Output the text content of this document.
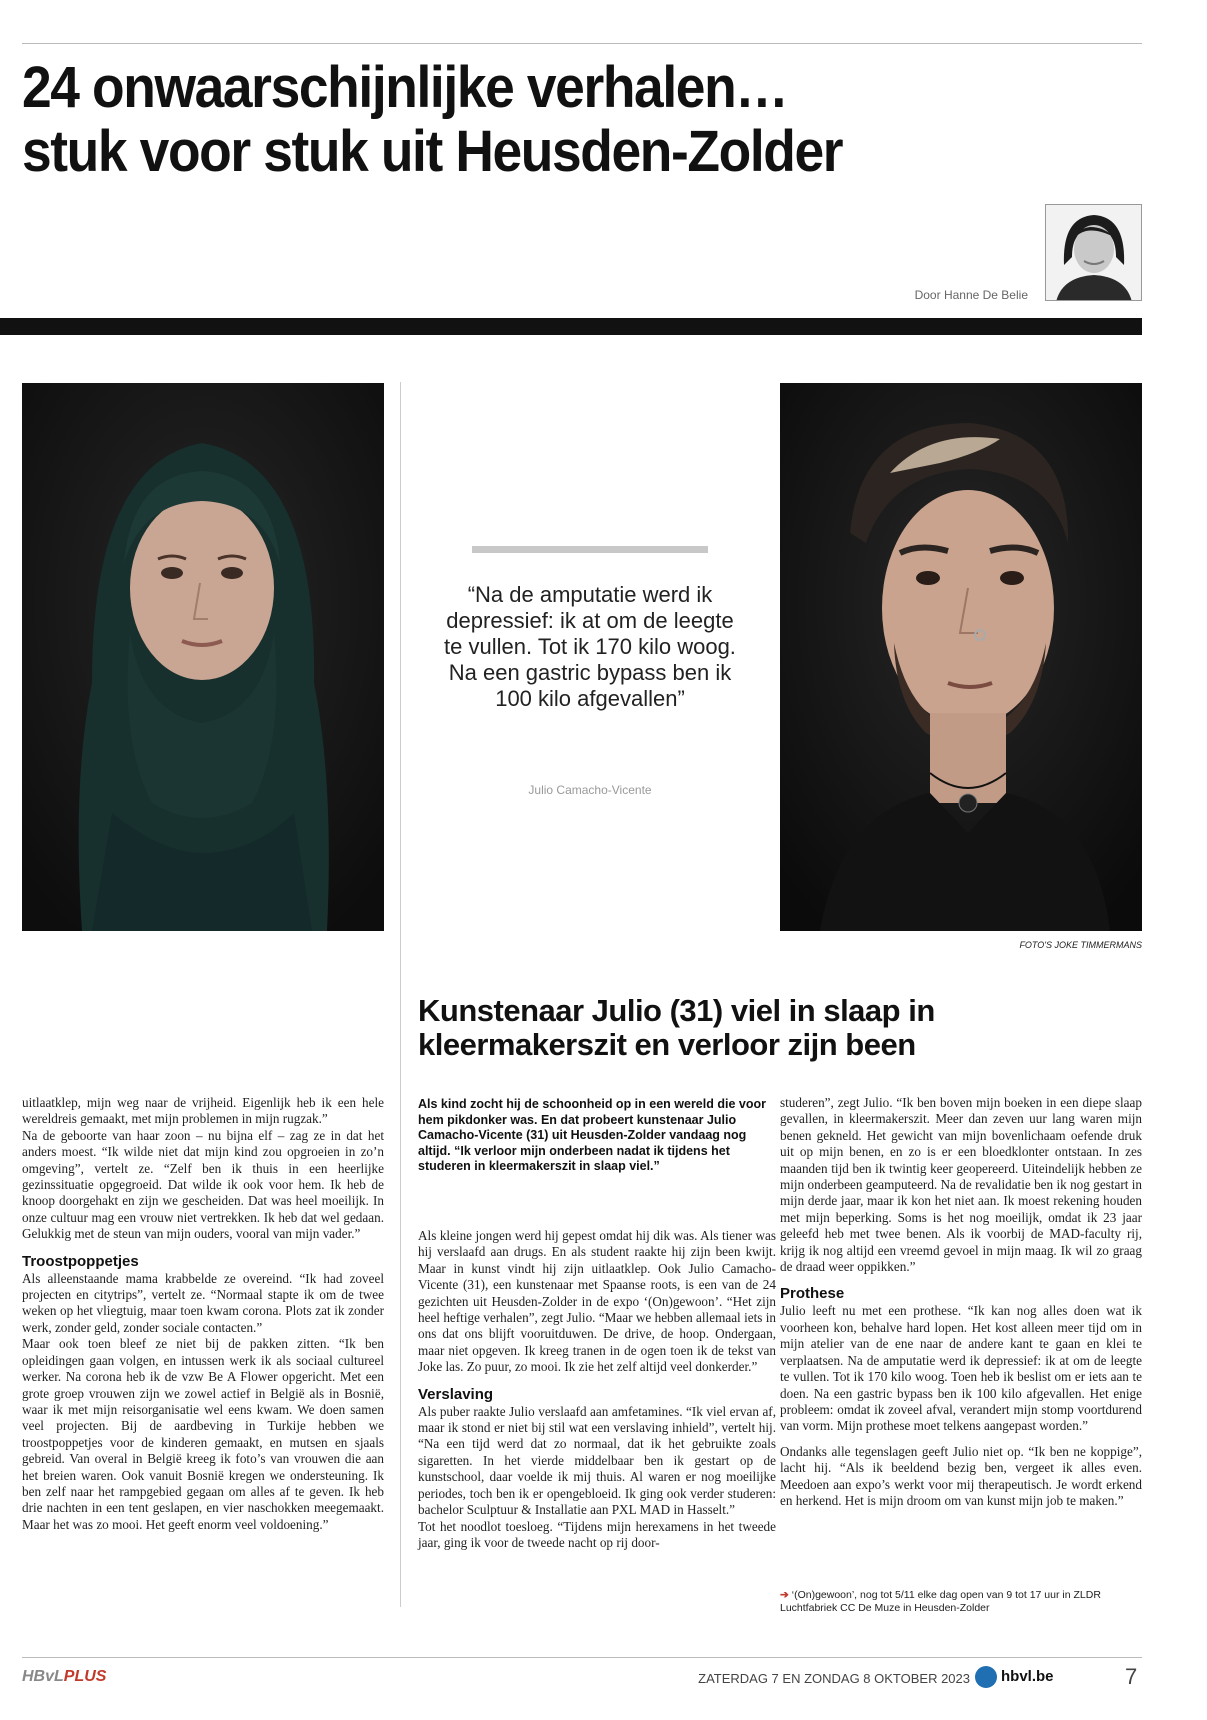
24 onwaarschijnlijke verhalen…
stuk voor stuk uit Heusden-Zolder
Door Hanne De Belie
“Na de amputatie werd ik depressief: ik at om de leegte te vullen. Tot ik 170 kilo woog. Na een gastric bypass ben ik 100 kilo afgevallen”
Julio Camacho-Vicente
FOTO'S JOKE TIMMERMANS
Kunstenaar Julio (31) viel in slaap in kleermakerszit en verloor zijn been

uitlaatklep, mijn weg naar de vrijheid. Eigenlijk heb ik een hele wereldreis gemaakt, met mijn problemen in mijn rugzak.”

Na de geboorte van haar zoon – nu bijna elf – zag ze in dat het anders moest. “Ik wilde niet dat mijn kind zou opgroeien in zo’n omgeving”, vertelt ze. “Zelf ben ik thuis in een heerlijke gezinssituatie opgegroeid. Dat wilde ik ook voor hem. Ik heb de knoop doorgehakt en zijn we gescheiden. Dat was heel moeilijk. In onze cultuur mag een vrouw niet vertrekken. Ik heb dat wel gedaan. Gelukkig met de steun van mijn ouders, vooral van mijn vader.”

Troostpoppetjes

Als alleenstaande mama krabbelde ze overeind. “Ik had zoveel projecten en citytrips”, vertelt ze. “Normaal stapte ik om de twee weken op het vliegtuig, maar toen kwam corona. Plots zat ik zonder werk, zonder geld, zonder sociale contacten.”

Maar ook toen bleef ze niet bij de pakken zitten. “Ik ben opleidingen gaan volgen, en intussen werk ik als sociaal cultureel werker. Na corona heb ik de vzw Be A Flower opgericht. Met een grote groep vrouwen zijn we zowel actief in België als in Bosnië, waar ik met mijn reisorganisatie wel eens kwam. We doen samen veel projecten. Bij de aardbeving in Turkije hebben we troostpoppetjes voor de kinderen gemaakt, en mutsen en sjaals gebreid. Van overal in België kreeg ik foto’s van vrouwen die aan het breien waren. Ook vanuit Bosnië kregen we ondersteuning. Ik ben zelf naar het rampgebied gegaan om alles af te geven. Ik heb drie nachten in een tent geslapen, en vier naschokken meegemaakt. Maar het was zo mooi. Het geeft enorm veel voldoening.”

Als kind zocht hij de schoonheid op in een wereld die voor hem pikdonker was. En dat probeert kunstenaar Julio Camacho-Vicente (31) uit Heusden-Zolder vandaag nog altijd. “Ik verloor mijn onderbeen nadat ik tijdens het studeren in kleermakerszit in slaap viel.”

Als kleine jongen werd hij gepest omdat hij dik was. Als tiener was hij verslaafd aan drugs. En als student raakte hij zijn been kwijt. Maar in kunst vindt hij zijn uitlaatklep. Ook Julio Camacho-Vicente (31), een kunstenaar met Spaanse roots, is een van de 24 gezichten uit Heusden-Zolder in de expo ‘(On)gewoon’. “Het zijn heel heftige verhalen”, zegt Julio. “Maar we hebben allemaal iets in ons dat ons blijft vooruitduwen. De drive, de hoop. Ondergaan, maar niet opgeven. Ik kreeg tranen in de ogen toen ik de tekst van Joke las. Zo puur, zo mooi. Ik zie het zelf altijd veel donkerder.”

Verslaving

Als puber raakte Julio verslaafd aan amfetamines. “Ik viel ervan af, maar ik stond er niet bij stil wat een verslaving inhield”, vertelt hij. “Na een tijd werd dat zo normaal, dat ik het gebruikte zoals sigaretten. In het vierde middelbaar ben ik gestart op de kunstschool, daar voelde ik mij thuis. Al waren er nog moeilijke periodes, toch ben ik er opengebloeid. Ik ging ook verder studeren: bachelor Sculptuur & Installatie aan PXL MAD in Hasselt.”

Tot het noodlot toesloeg. “Tijdens mijn herexamens in het tweede jaar, ging ik voor de tweede nacht op rij door-

studeren”, zegt Julio. “Ik ben boven mijn boeken in een diepe slaap gevallen, in kleermakerszit. Meer dan zeven uur lang waren mijn benen gekneld. Het gewicht van mijn bovenlichaam oefende druk uit op mijn benen, en zo is er een bloedklonter ontstaan. In zes maanden tijd ben ik twintig keer geopereerd. Uiteindelijk hebben ze mijn onderbeen geamputeerd. Na de revalidatie ben ik nog gestart in mijn derde jaar, maar ik kon het niet aan. Ik moest rekening houden met mijn beperking. Soms is het nog moeilijk, omdat ik 23 jaar geleefd heb met twee benen. Als ik voorbij de MAD-faculty rij, krijg ik nog altijd een vreemd gevoel in mijn maag. Ik wil zo graag de draad weer oppikken.”

Prothese

Julio leeft nu met een prothese. “Ik kan nog alles doen wat ik voorheen kon, behalve hard lopen. Het kost alleen meer tijd om in mijn atelier van de ene naar de andere kant te gaan en klei te verplaatsen. Na de amputatie werd ik depressief: ik at om de leegte te vullen. Tot ik 170 kilo woog. Toen heb ik beslist om er iets aan te doen. Na een gastric bypass ben ik 100 kilo afgevallen. Het enige probleem: omdat ik zoveel afval, verandert mijn stomp voortdurend van vorm. Mijn prothese moet telkens aangepast worden.”

Ondanks alle tegenslagen geeft Julio niet op. “Ik ben ne koppige”, lacht hij. “Als ik beeldend bezig ben, vergeet ik alles even. Meedoen aan expo’s werkt voor mij therapeutisch. Je wordt erkend en herkend. Het is mijn droom om van kunst mijn job te maken.”

➔ ‘(On)gewoon’, nog tot 5/11 elke dag open van 9 tot 17 uur in ZLDR Luchtfabriek CC De Muze in Heusden-Zolder
HBvLPLUS	ZATERDAG 7 EN ZONDAG 8 OKTOBER 2023 hbvl.be	7
